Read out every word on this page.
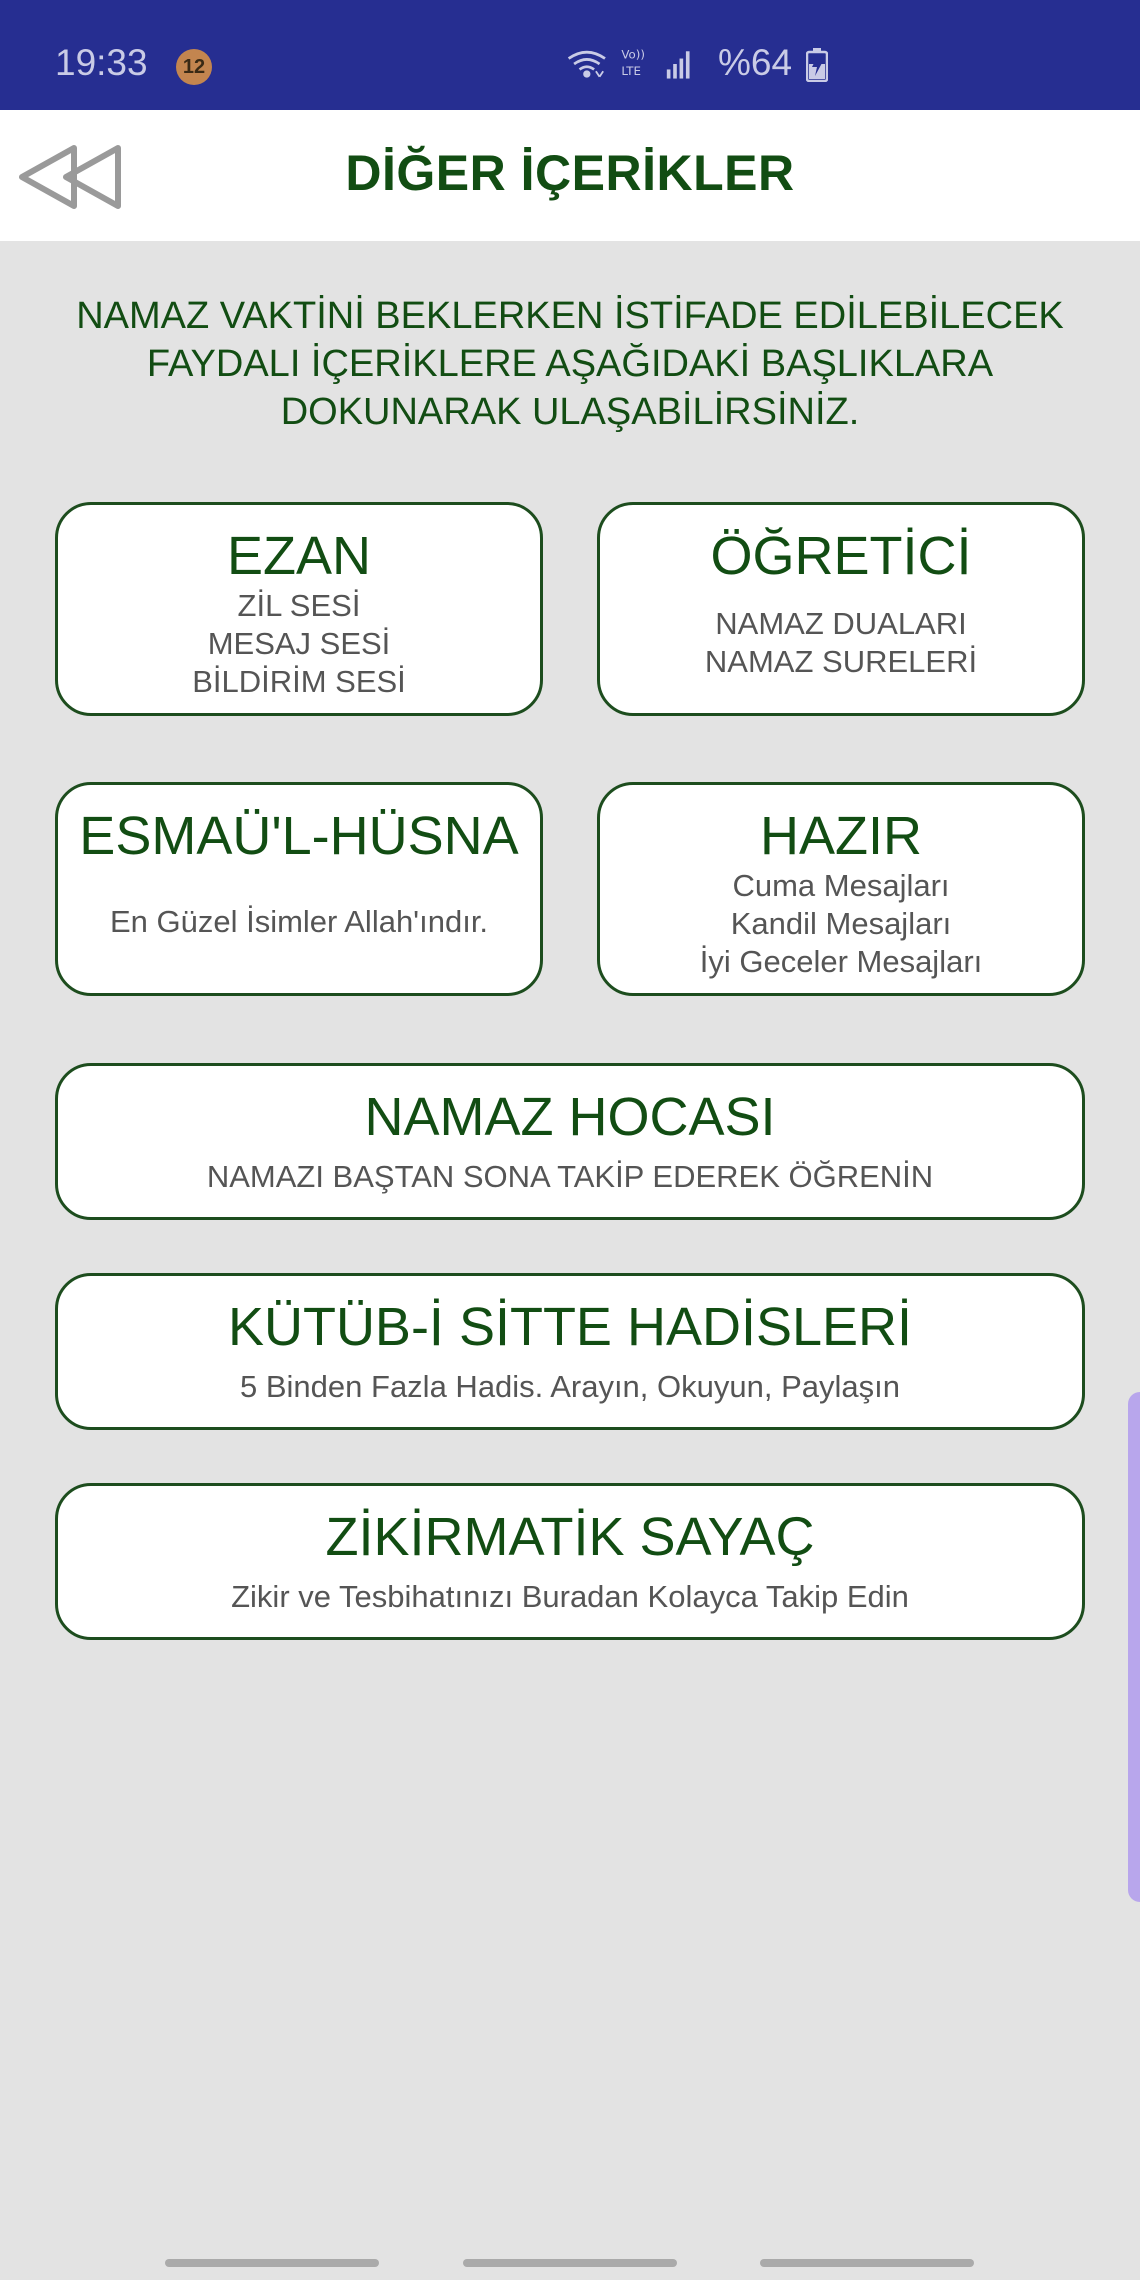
19:33	12
Vo))
LTE %64
DİĞER İÇERİKLER
NAMAZ VAKTİNİ BEKLERKEN İSTİFADE EDİLEBİLECEK FAYDALI İÇERİKLERE AŞAĞIDAKİ BAŞLIKLARA DOKUNARAK ULAŞABİLİRSİNİZ.
EZAN
ZİL SESİ
MESAJ SESİ
BİLDİRİM SESİ
ÖĞRETİCİ
NAMAZ DUALARI
NAMAZ SURELERİ
ESMAÜ'L-HÜSNA
En Güzel İsimler Allah'ındır.
HAZIR
Cuma Mesajları
Kandil Mesajları
İyi Geceler Mesajları
NAMAZ HOCASI
NAMAZI BAŞTAN SONA TAKİP EDEREK ÖĞRENİN
KÜTÜB-İ SİTTE HADİSLERİ
5 Binden Fazla Hadis. Arayın, Okuyun, Paylaşın
ZİKİRMATİK SAYAÇ
Zikir ve Tesbihatınızı Buradan Kolayca Takip Edin
